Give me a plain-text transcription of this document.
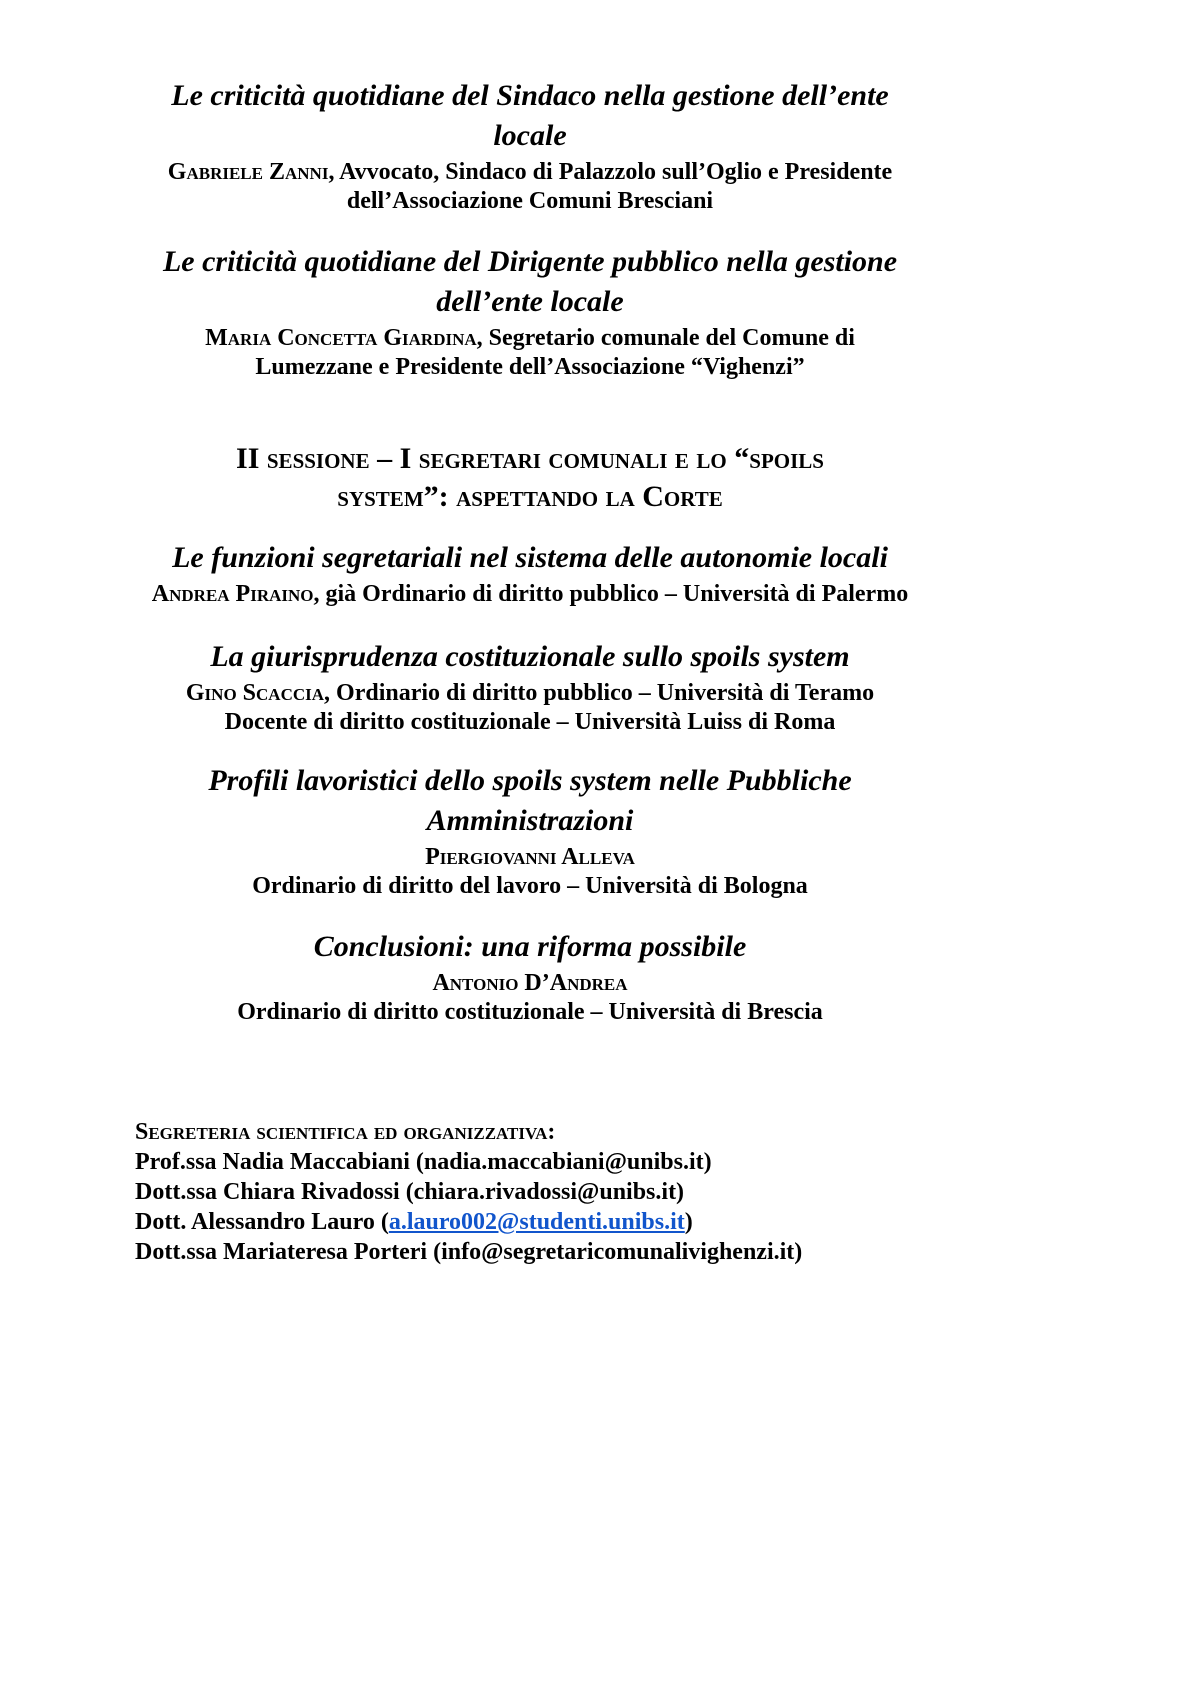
Le criticità quotidiane del Sindaco nella gestione dell’ente
locale
Gabriele Zanni, Avvocato, Sindaco di Palazzolo sull’Oglio e Presidente
dell’Associazione Comuni Bresciani
Le criticità quotidiane del Dirigente pubblico nella gestione
dell’ente locale
Maria Concetta Giardina, Segretario comunale del Comune di
Lumezzane e Presidente dell’Associazione “Vighenzi”
II sessione – I segretari comunali e lo “spoils
system”: aspettando la Corte
Le funzioni segretariali nel sistema delle autonomie locali
Andrea Piraino, già Ordinario di diritto pubblico – Università di Palermo
La giurisprudenza costituzionale sullo spoils system
Gino Scaccia, Ordinario di diritto pubblico – Università di Teramo
Docente di diritto costituzionale – Università Luiss di Roma
Profili lavoristici dello spoils system nelle Pubbliche
Amministrazioni
Piergiovanni Alleva
Ordinario di diritto del lavoro – Università di Bologna
Conclusioni: una riforma possibile
Antonio D’Andrea
Ordinario di diritto costituzionale – Università di Brescia
Segreteria scientifica ed organizzativa:
Prof.ssa Nadia Maccabiani (nadia.maccabiani@unibs.it)
Dott.ssa Chiara Rivadossi (chiara.rivadossi@unibs.it)
Dott. Alessandro Lauro (a.lauro002@studenti.unibs.it)
Dott.ssa Mariateresa Porteri (info@segretaricomunalivighenzi.it)
